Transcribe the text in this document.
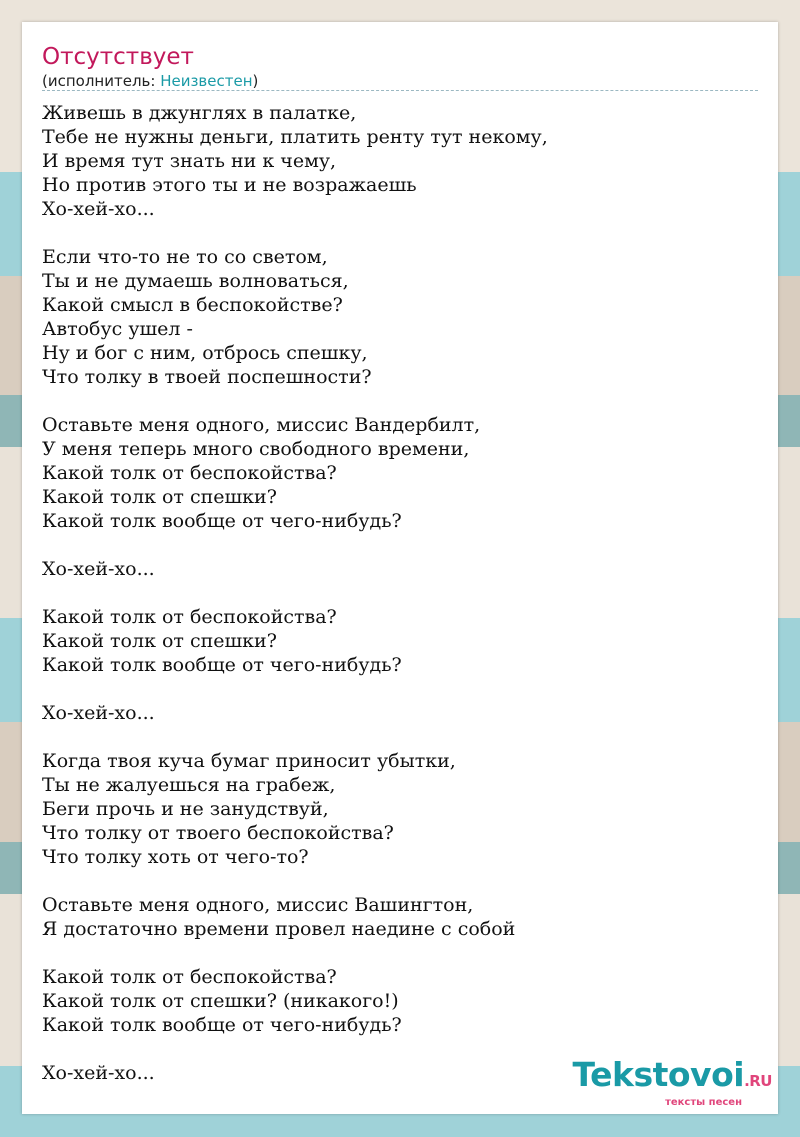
Отсутствует
(исполнитель: Неизвестен)
Живешь в джунглях в палатке,
Тебе не нужны деньги, платить ренту тут некому,
И время тут знать ни к чему,
Но против этого ты и не возражаешь
Хо-хей-хо...
Если что-то не то со светом,
Ты и не думаешь волноваться,
Какой смысл в беспокойстве?
Автобус ушел -
Ну и бог с ним, отбрось спешку,
Что толку в твоей поспешности?
Оставьте меня одного, миссис Вандербилт,
У меня теперь много свободного времени,
Какой толк от беспокойства?
Какой толк от спешки?
Какой толк вообще от чего-нибудь?
Хо-хей-хо...
Какой толк от беспокойства?
Какой толк от спешки?
Какой толк вообще от чего-нибудь?
Хо-хей-хо...
Когда твоя куча бумаг приносит убытки,
Ты не жалуешься на грабеж,
Беги прочь и не занудствуй,
Что толку от твоего беспокойства?
Что толку хоть от чего-то?
Оставьте меня одного, миссис Вашингтон,
Я достаточно времени провел наедине с собой
Какой толк от беспокойства?
Какой толк от спешки? (никакого!)
Какой толк вообще от чего-нибудь?
Хо-хей-хо...	Tekstovoi.RU
тексты песен
